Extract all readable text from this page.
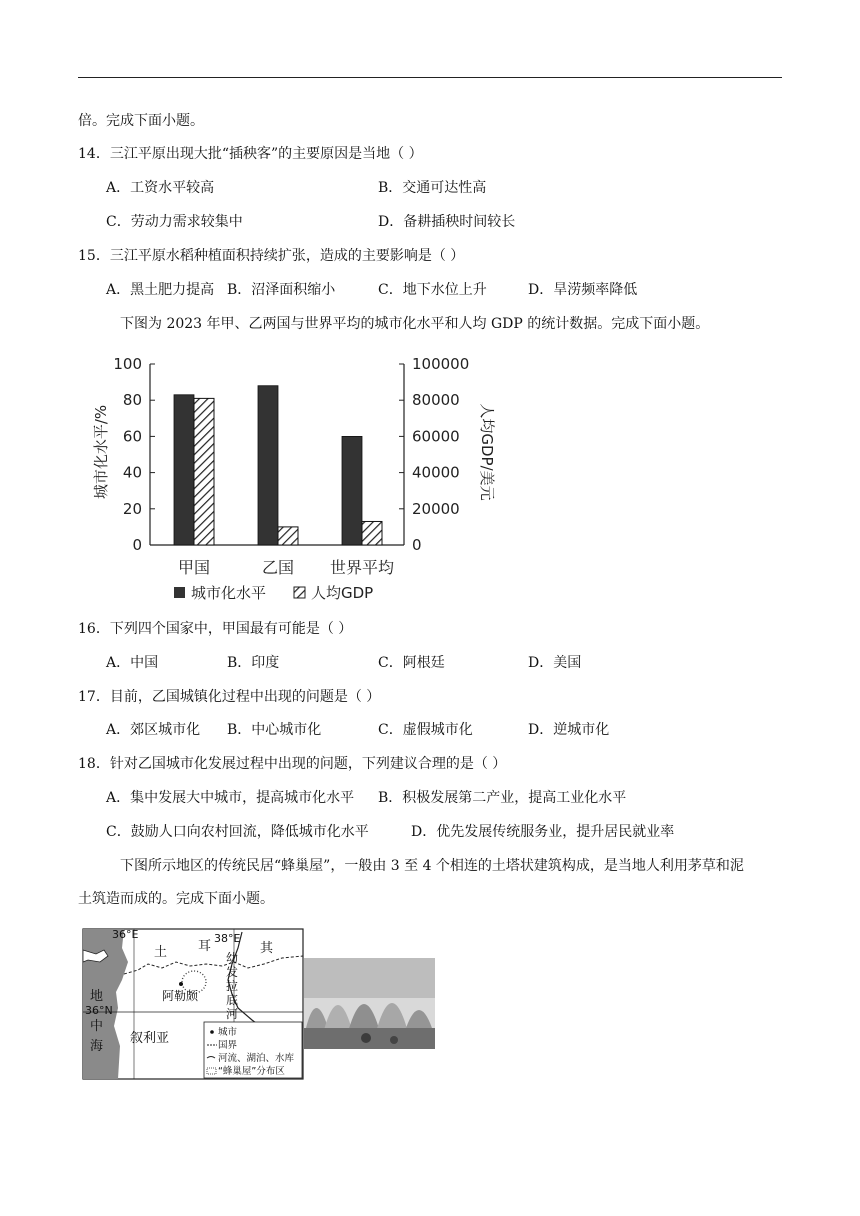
倍。完成下面小题。
14．三江平原出现大批“插秧客”的主要原因是当地（ ）
A．工资水平较高	B．交通可达性高
C．劳动力需求较集中	D．备耕插秧时间较长
15．三江平原水稻种植面积持续扩张，造成的主要影响是（ ）
A．黑土肥力提高 B．沼泽面积缩小	C．地下水位上升	D．旱涝频率降低
下图为 2023 年甲、乙两国与世界平均的城市化水平和人均 GDP 的统计数据。完成下面小题。
0
20
40
60
80
100
0
20000
40000
60000
80000
100000
甲国	乙国 世界平均
城市化水平/%	人均GDP/美元
城市化水平	人均GDP
16．下列四个国家中，甲国最有可能是（ ）
A．中国	B．印度	C．阿根廷	D．美国
17．目前，乙国城镇化过程中出现的问题是（ ）
A．郊区城市化 B．中心城市化	C．虚假城市化	D．逆城市化
18．针对乙国城市化发展过程中出现的问题，下列建议合理的是（ ）
A．集中发展大中城市，提高城市化水平 B．积极发展第二产业，提高工业化水平
C．鼓励人口向农村回流，降低城市化水平	D．优先发展传统服务业，提升居民就业率
下图所示地区的传统民居“蜂巢屋”，一般由 3 至 4 个相连的土塔状建筑构成，是当地人利用茅草和泥
土筑造而成的。完成下面小题。
36°E	38°E
36°N
地
中
海
土 耳	其
幼
发
拉
底
河
阿勒颇
叙利亚	城市
国界
河流、湖泊、水库
“蜂巢屋”分布区
